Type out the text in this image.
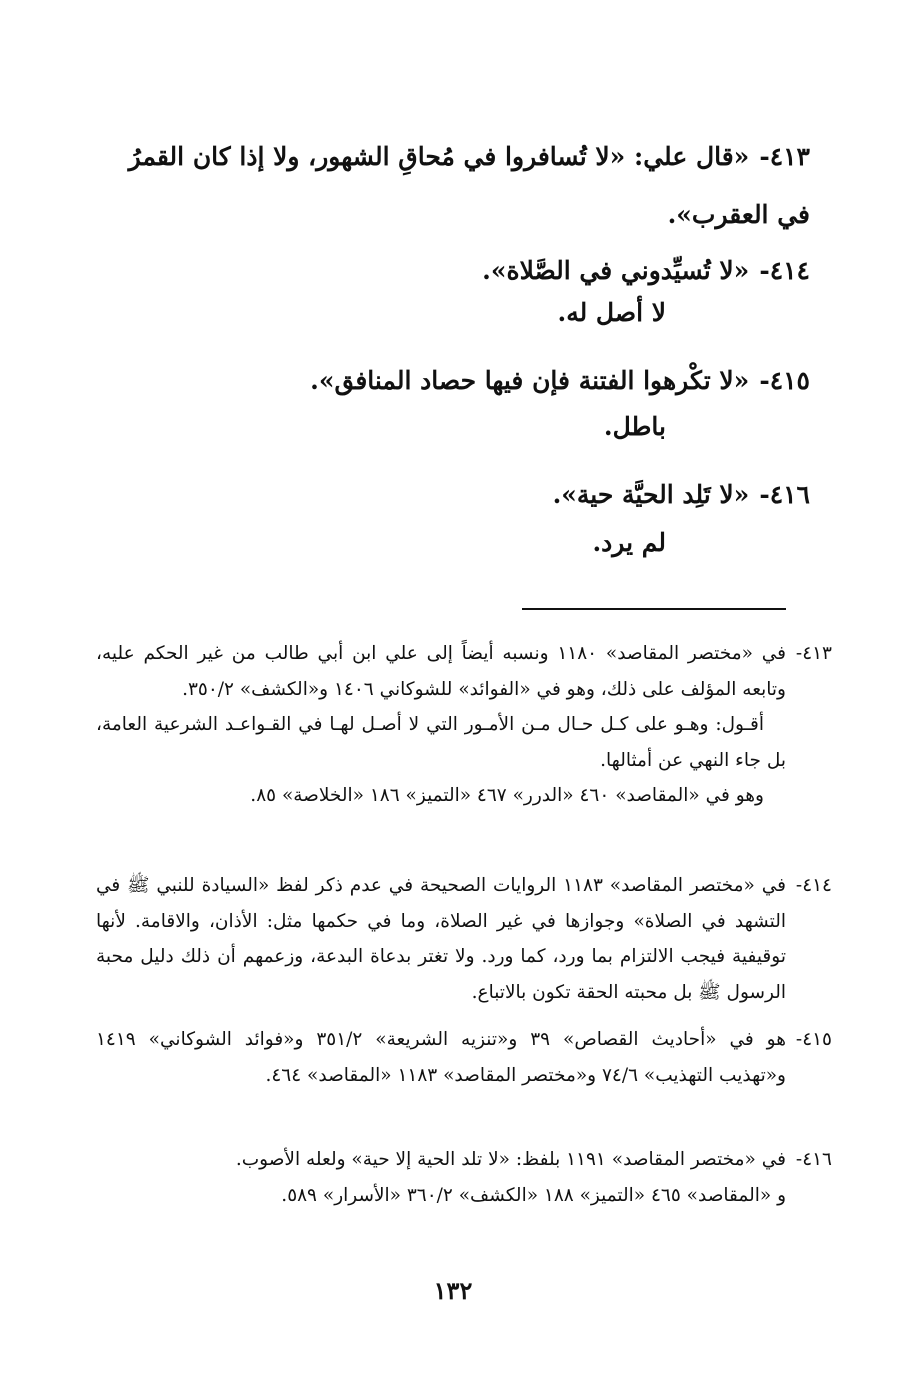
٤١٣-«قال علي: «لا تُسافروا في مُحاقِ الشهور، ولا إذا كان القمرُ في العقرب».
٤١٤-«لا تُسيِّدوني في الصَّلاة».
لا أصل له.
٤١٥-«لا تكْرهوا الفتنة فإن فيها حصاد المنافق».
باطل.
٤١٦-«لا تَلِد الحيَّة حية».
لم يرد.
٤١٣-

في «مختصر المقاصد» ١١٨٠ ونسبه أيضاً إلى علي ابن أبي طالب من غير الحكم عليه، وتابعه المؤلف على ذلك، وهو في «الفوائد» للشوكاني ١٤٠٦ و«الكشف» ٣٥٠/٢.

أقـول: وهـو على كـل حـال مـن الأمـور التي لا أصـل لهـا في القـواعـد الشرعية العامة، بل جاء النهي عن أمثالها.

وهو في «المقاصد» ٤٦٠ «الدرر» ٤٦٧ «التميز» ١٨٦ «الخلاصة» ٨٥.

٤١٤-

في «مختصر المقاصد» ١١٨٣ الروايات الصحيحة في عدم ذكر لفظ «السيادة للنبي ﷺ في التشهد في الصلاة» وجوازها في غير الصلاة، وما في حكمها مثل: الأذان، والاقامة. لأنها توقيفية فيجب الالتزام بما ورد، كما ورد. ولا تغتر بدعاة البدعة، وزعمهم أن ذلك دليل محبة الرسول ﷺ بل محبته الحقة تكون بالاتباع.

٤١٥-

هو في «أحاديث القصاص» ٣٩ و«تنزيه الشريعة» ٣٥١/٢ و«فوائد الشوكاني» ١٤١٩ و«تهذيب التهذيب» ٧٤/٦ و«مختصر المقاصد» ١١٨٣ «المقاصد» ٤٦٤.

٤١٦-

في «مختصر المقاصد» ١١٩١ بلفظ: «لا تلد الحية إلا حية» ولعله الأصوب.

و «المقاصد» ٤٦٥ «التميز» ١٨٨ «الكشف» ٣٦٠/٢ «الأسرار» ٥٨٩.

١٣٢
